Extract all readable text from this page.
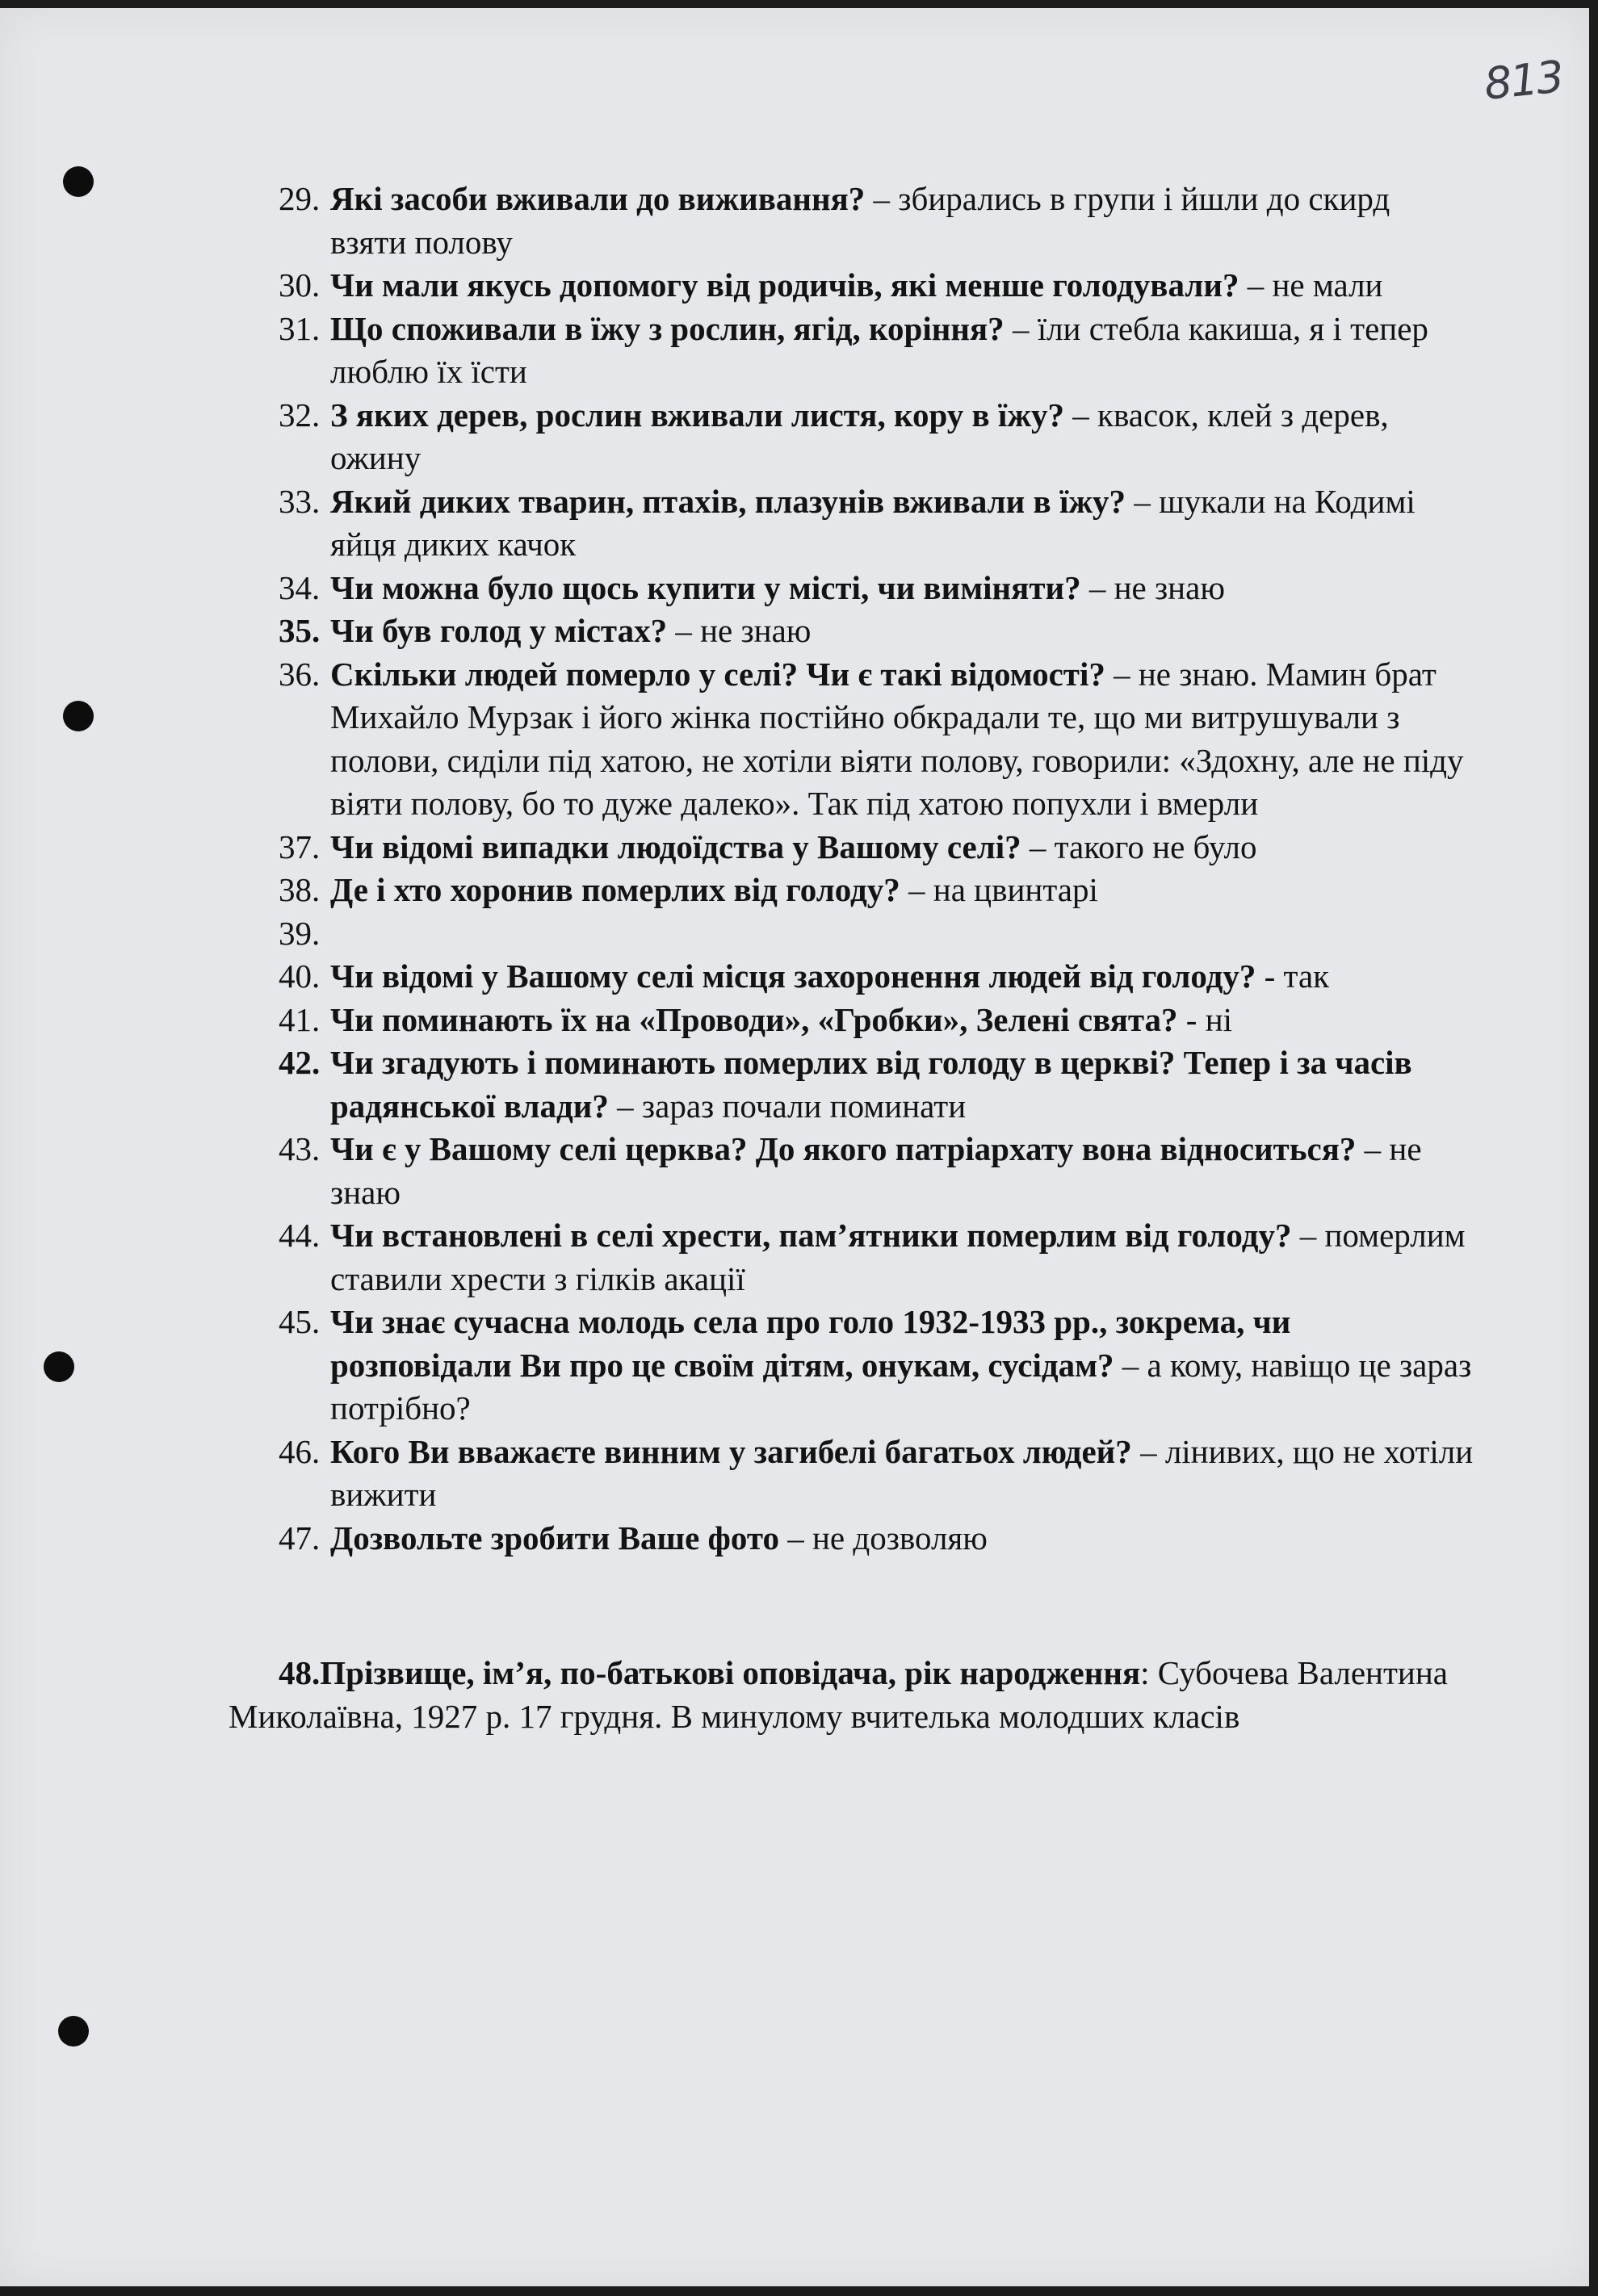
813
29. Які засоби вживали до виживання? – збирались в групи і йшли до скирд взяти полову
30. Чи мали якусь допомогу від родичів, які менше голодували? – не мали
31. Що споживали в їжу з рослин, ягід, коріння? – їли стебла какиша, я і тепер люблю їх їсти
32. З яких дерев, рослин вживали листя, кору в їжу? – квасок, клей з дерев, ожину
33. Який диких тварин, птахів, плазунів вживали в їжу? – шукали на Кодимі яйця диких качок
34. Чи можна було щось купити у місті, чи виміняти? – не знаю
35. Чи був голод у містах? – не знаю
36. Скільки людей померло у селі? Чи є такі відомості? – не знаю. Мамин брат Михайло Мурзак і його жінка постійно обкрадали те, що ми витрушували з полови, сиділи під хатою, не хотіли віяти полову, говорили: «Здохну, але не піду віяти полову, бо то дуже далеко». Так під хатою попухли і вмерли
37. Чи відомі випадки людоїдства у Вашому селі? – такого не було
38. Де і хто хоронив померлих від голоду? – на цвинтарі
39.
40. Чи відомі у Вашому селі місця захоронення людей від голоду? - так
41. Чи поминають їх на «Проводи», «Гробки», Зелені свята? - ні
42. Чи згадують і поминають померлих від голоду в церкві? Тепер і за часів радянської влади? – зараз почали поминати
43. Чи є у Вашому селі церква? До якого патріархату вона відноситься? – не знаю
44. Чи встановлені в селі хрести, пам’ятники померлим від голоду? – померлим ставили хрести з гілків акації
45. Чи знає сучасна молодь села про голо 1932-1933 рр., зокрема, чи розповідали Ви про це своїм дітям, онукам, сусідам? – а кому, навіщо це зараз потрібно?
46. Кого Ви вважаєте винним у загибелі багатьох людей? – лінивих, що не хотіли вижити
47. Дозвольте зробити Ваше фото – не дозволяю
48.Прізвище, ім’я, по-батькові оповідача, рік народження: Субочева Валентина Миколаївна, 1927 р. 17 грудня. В минулому вчителька молодших класів
